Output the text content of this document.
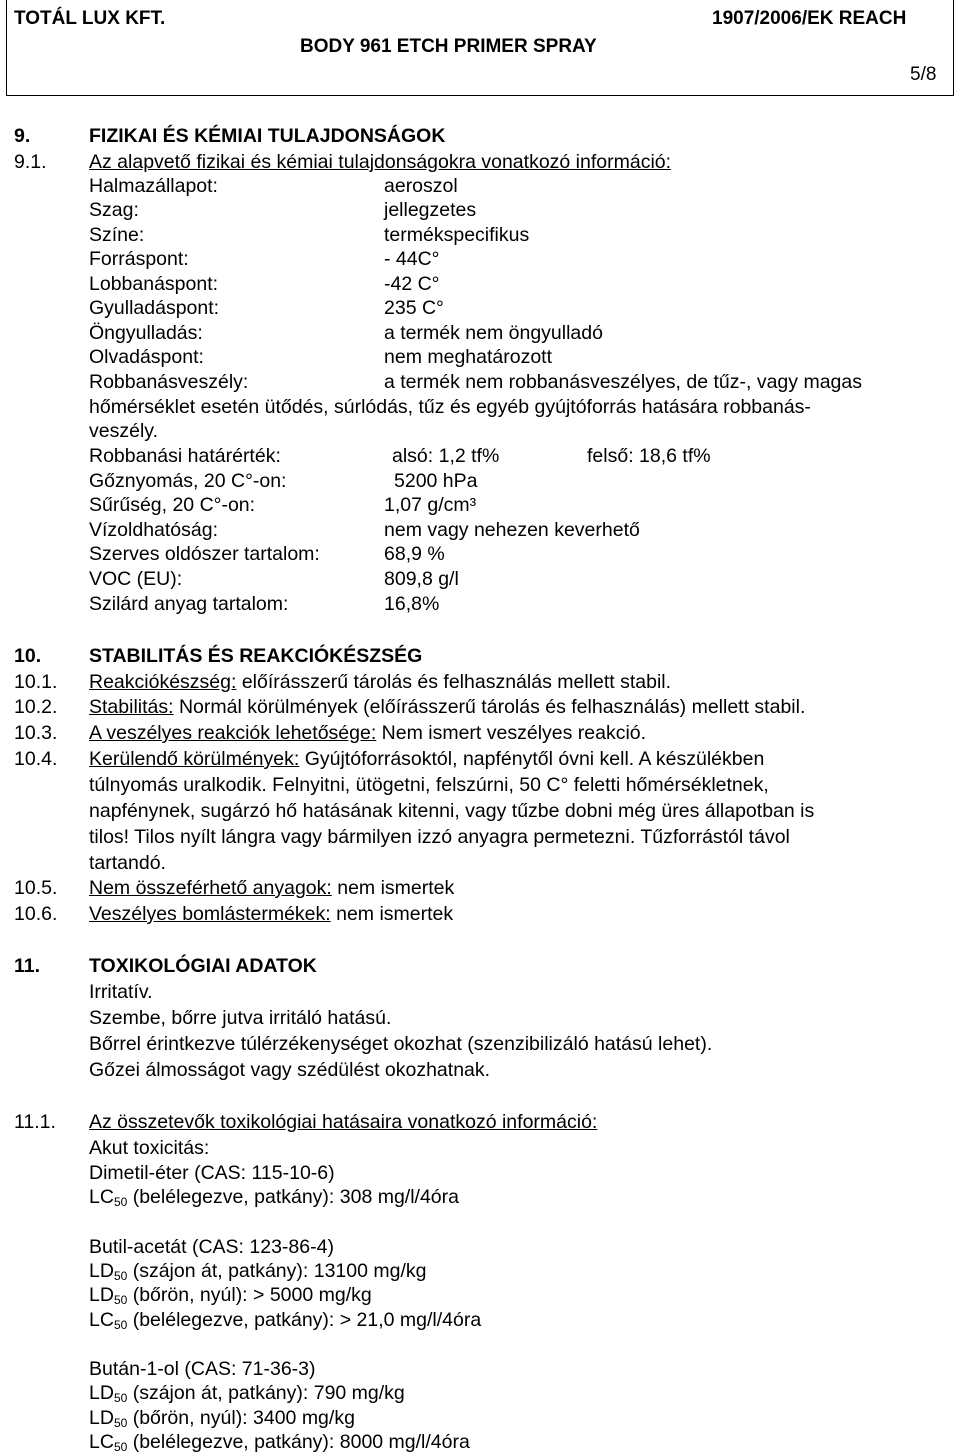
TOTÁL LUX KFT.	1907/2006/EK REACH
BODY 961 ETCH PRIMER SPRAY
5/8
9.	FIZIKAI ÉS KÉMIAI TULAJDONSÁGOK
9.1. Az alapvető fizikai és kémiai tulajdonságokra vonatkozó információ:
Halmazállapot:	aeroszol
Szag:	jellegzetes
Színe:	termékspecifikus
Forráspont:	- 44C°
Lobbanáspont:	-42 C°
Gyulladáspont:	235 C°
Öngyulladás:	a termék nem öngyulladó
Olvadáspont:	nem meghatározott
Robbanásveszély:	a termék nem robbanásveszélyes, de tűz-, vagy magas
hőmérséklet esetén ütődés, súrlódás, tűz és egyéb gyújtóforrás hatására robbanás-
veszély.
Robbanási határérték:	alsó: 1,2 tf%	felső: 18,6 tf%
Gőznyomás, 20 C°-on:	5200 hPa
Sűrűség, 20 C°-on:	1,07 g/cm³
Vízoldhatóság:	nem vagy nehezen keverhető
Szerves oldószer tartalom:	68,9 %
VOC (EU):	809,8 g/l
Szilárd anyag tartalom:	16,8%
10. STABILITÁS ÉS REAKCIÓKÉSZSÉG
10.1. Reakciókészség: előírásszerű tárolás és felhasználás mellett stabil.
10.2. Stabilitás: Normál körülmények (előírásszerű tárolás és felhasználás) mellett stabil.
10.3. A veszélyes reakciók lehetősége: Nem ismert veszélyes reakció.
10.4. Kerülendő körülmények: Gyújtóforrásoktól, napfénytől óvni kell. A készülékben
túlnyomás uralkodik. Felnyitni, ütögetni, felszúrni, 50 C° feletti hőmérsékletnek,
napfénynek, sugárzó hő hatásának kitenni, vagy tűzbe dobni még üres állapotban is
tilos! Tilos nyílt lángra vagy bármilyen izzó anyagra permetezni. Tűzforrástól távol
tartandó.
10.5. Nem összeférhető anyagok: nem ismertek
10.6. Veszélyes bomlástermékek: nem ismertek
11.	TOXIKOLÓGIAI ADATOK
Irritatív.
Szembe, bőrre jutva irritáló hatású.
Bőrrel érintkezve túlérzékenységet okozhat (szenzibilizáló hatású lehet).
Gőzei álmosságot vagy szédülést okozhatnak.
11.1. Az összetevők toxikológiai hatásaira vonatkozó információ:
Akut toxicitás:
Dimetil-éter (CAS: 115-10-6)
$LC_{50}$ (belélegezve, patkány): 308 mg/l/4óra
Butil-acetát (CAS: 123-86-4)
$LD_{50}$ (szájon át, patkány): 13100 mg/kg
$LD_{50}$ (bőrön, nyúl): > 5000 mg/kg
$LC_{50}$ (belélegezve, patkány): > 21,0 mg/l/4óra
Bután-1-ol (CAS: 71-36-3)
$LD_{50}$ (szájon át, patkány): 790 mg/kg
$LD_{50}$ (bőrön, nyúl): 3400 mg/kg
$LC_{50}$ (belélegezve, patkány): 8000 mg/l/4óra
